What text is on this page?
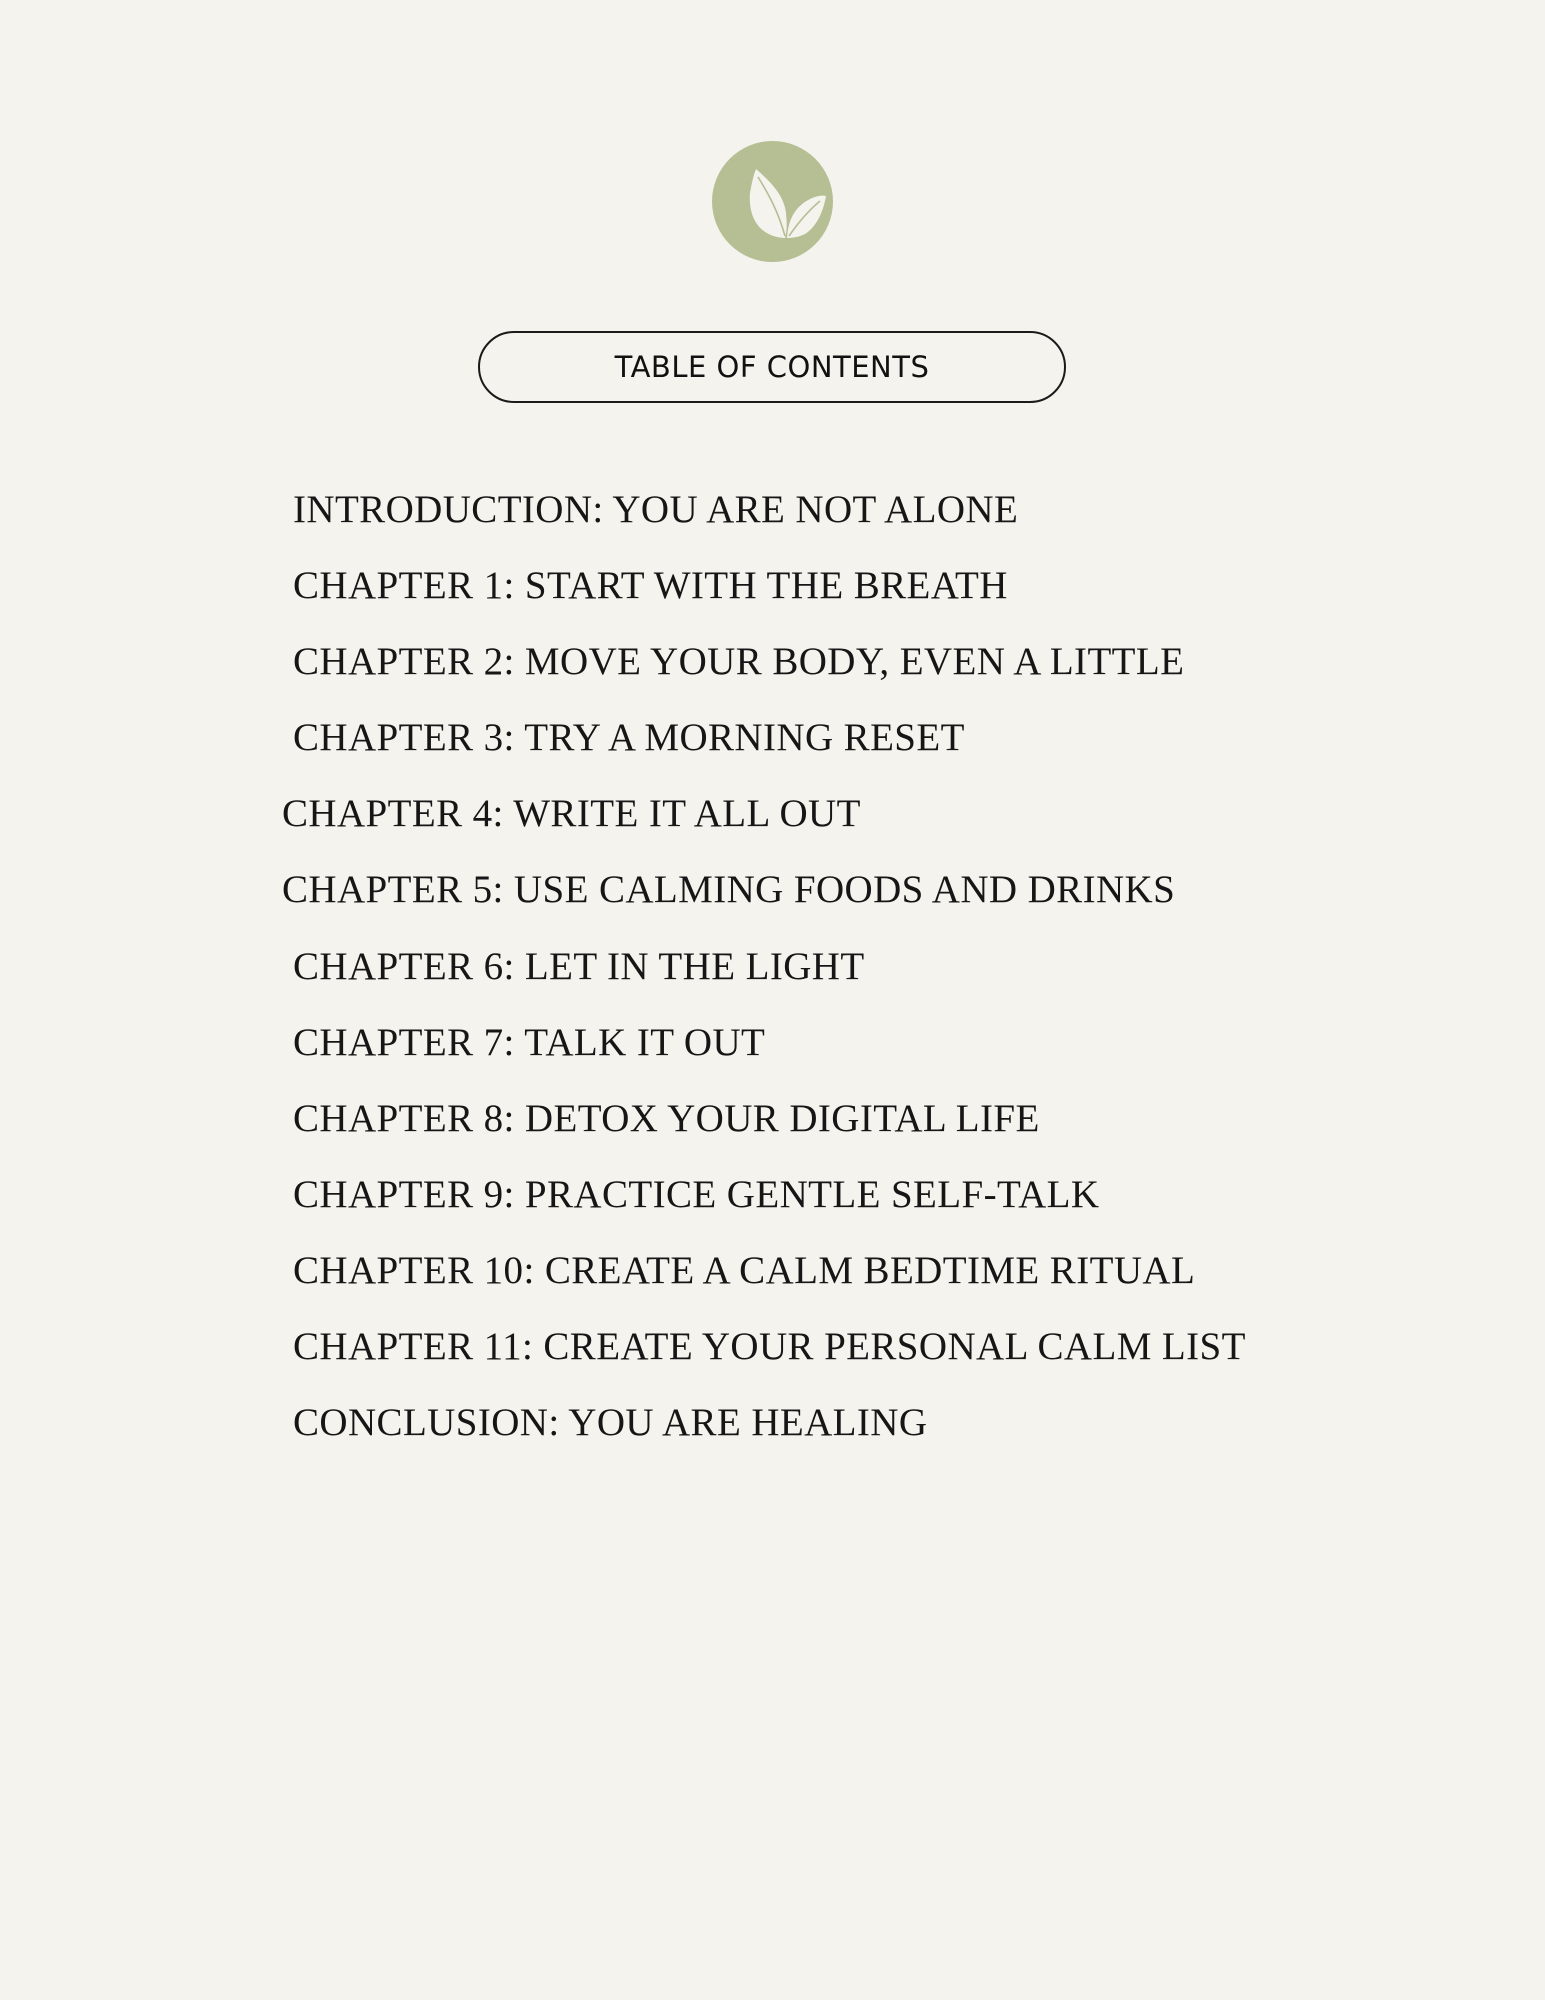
TABLE OF CONTENTS
INTRODUCTION: YOU ARE NOT ALONE
CHAPTER 1: START WITH THE BREATH
CHAPTER 2: MOVE YOUR BODY, EVEN A LITTLE
CHAPTER 3: TRY A MORNING RESET
CHAPTER 4: WRITE IT ALL OUT
CHAPTER 5: USE CALMING FOODS AND DRINKS
CHAPTER 6: LET IN THE LIGHT
CHAPTER 7: TALK IT OUT
CHAPTER 8: DETOX YOUR DIGITAL LIFE
CHAPTER 9: PRACTICE GENTLE SELF-TALK
CHAPTER 10: CREATE A CALM BEDTIME RITUAL
CHAPTER 11: CREATE YOUR PERSONAL CALM LIST
CONCLUSION: YOU ARE HEALING
